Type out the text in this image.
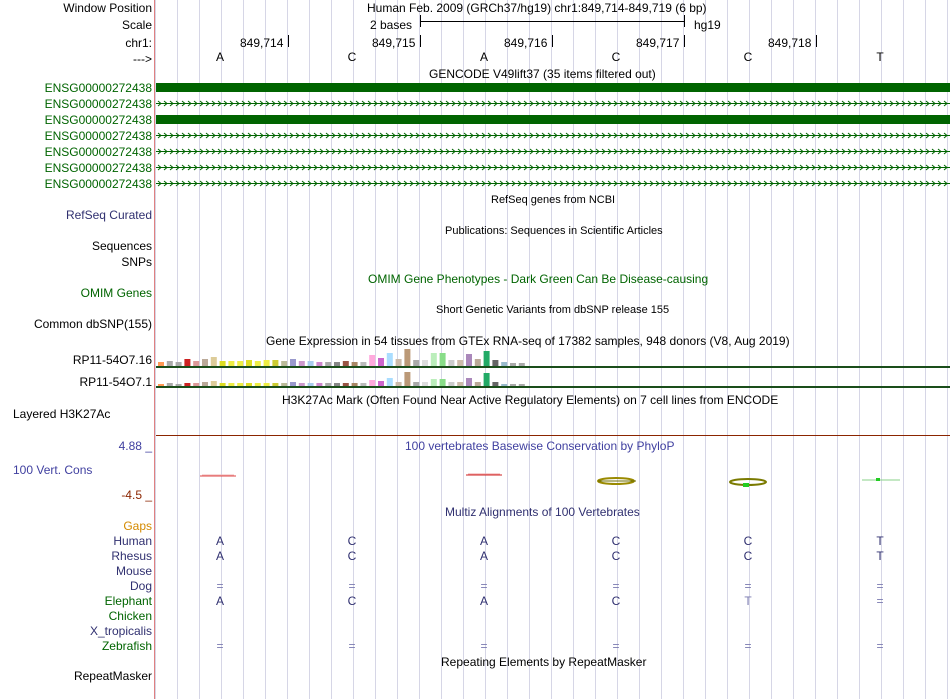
Window Position
Scale
chr1:
--->
Human Feb. 2009 (GRCh37/hg19) chr1:849,714-849,719 (6 bp)
2 bases	hg19
849,714	849,715	849,716	849,717	849,718
A	C	A	C	C	T
GENCODE V49lift37 (35 items filtered out)
ENSG00000272438
ENSG00000272438
ENSG00000272438
ENSG00000272438
ENSG00000272438
ENSG00000272438
ENSG00000272438
RefSeq genes from NCBI
RefSeq Curated
Publications: Sequences in Scientific Articles
Sequences
SNPs
OMIM Gene Phenotypes - Dark Green Can Be Disease-causing
OMIM Genes
Short Genetic Variants from dbSNP release 155
Common dbSNP(155)
Gene Expression in 54 tissues from GTEx RNA-seq of 17382 samples, 948 donors (V8, Aug 2019)
RP11-54O7.16
RP11-54O7.1
H3K27Ac Mark (Often Found Near Active Regulatory Elements) on 7 cell lines from ENCODE
Layered H3K27Ac
100 vertebrates Basewise Conservation by PhyloP
4.88 _
100 Vert. Cons
-4.5 _
Multiz Alignments of 100 Vertebrates
Gaps
Human	A	C	A	C	C	T
Rhesus	A	C	A	C	C	T
Mouse
Dog	=	=	=	=	=	=
Elephant	A	C	A	C	T	=
Chicken
X_tropicalis
Zebrafish	=	=	=	=	=	=
Repeating Elements by RepeatMasker
RepeatMasker
